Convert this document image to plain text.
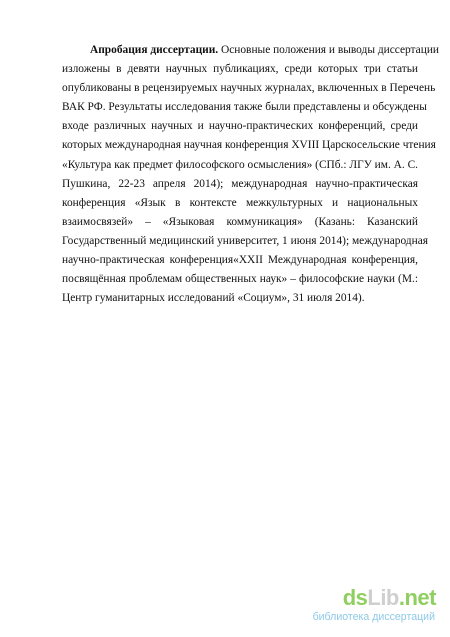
Апробация диссертации. Основные положения и выводы диссертации
изложены в девяти научных публикациях, среди которых три статьи
опубликованы в рецензируемых научных журналах, включенных в Перечень
ВАК РФ. Результаты исследования также были представлены и обсуждены
входе различных научных и научно-практических конференций, среди
которых международная научная конференция XVIII Царскосельские чтения
«Культура как предмет философского осмысления» (СПб.: ЛГУ им. А. С.
Пушкина, 22-23 апреля 2014); международная научно-практическая
конференция «Язык в контексте межкультурных и национальных
взаимосвязей» – «Языковая коммуникация» (Казань: Казанский
Государственный медицинский университет, 1 июня 2014); международная
научно-практическая конференция«XXII Международная конференция,
посвящённая проблемам общественных наук» – философские науки (М.:
Центр гуманитарных исследований «Социум», 31 июля 2014).
dsLib.net
библиотека диссертаций
